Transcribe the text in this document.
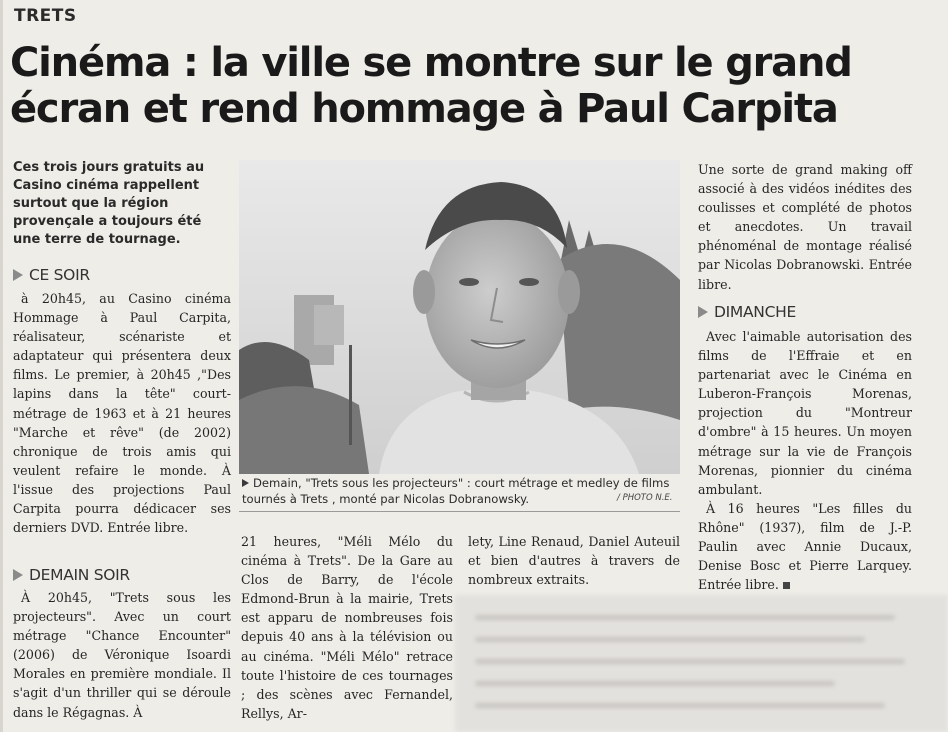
TRETS
Cinéma : la ville se montre sur le grand
écran et rend hommage à Paul Carpita
Ces trois jours gratuits au Casino cinéma rappellent surtout que la région provençale a toujours été une terre de tournage.
CE SOIR

à 20h45, au Casino cinéma Hommage à Paul Carpita, réalisateur, scénariste et adaptateur qui présentera deux films. Le premier, à 20h45 ,"Des lapins dans la tête" court-métrage de 1963 et à 21 heures "Marche et rêve" (de 2002) chronique de trois amis qui veulent refaire le monde. À l'issue des projections Paul Carpita pourra dédicacer ses derniers DVD. Entrée libre.

DEMAIN SOIR

À 20h45, "Trets sous les projecteurs". Avec un court métrage "Chance Encounter" (2006) de Véronique Isoardi Morales en première mondiale. Il s'agit d'un thriller qui se déroule dans le Régagnas. À

Demain, "Trets sous les projecteurs" : court métrage et medley de films tournés à Trets , monté par Nicolas Dobranowsky.	/ PHOTO N.E.

21 heures, "Méli Mélo du cinéma à Trets". De la Gare au Clos de Barry, de l'école Edmond-Brun à la mairie, Trets est apparu de nombreuses fois depuis 40 ans à la télévision ou au cinéma. "Méli Mélo" retrace toute l'histoire de ces tournages ; des scènes avec Fernandel, Rellys, Ar-

lety, Line Renaud, Daniel Auteuil et bien d'autres à travers de nombreux extraits.

Une sorte de grand making off associé à des vidéos inédites des coulisses et complété de photos et anecdotes. Un travail phénoménal de montage réalisé par Nicolas Dobranowski. Entrée libre.

DIMANCHE

Avec l'aimable autorisation des films de l'Effraie et en partenariat avec le Cinéma en Luberon-François Morenas, projection du "Montreur d'ombre" à 15 heures. Un moyen métrage sur la vie de François Morenas, pionnier du cinéma ambulant.

À 16 heures "Les filles du Rhône" (1937), film de J.-P. Paulin avec Annie Ducaux, Denise Bosc et Pierre Larquey. Entrée libre.
